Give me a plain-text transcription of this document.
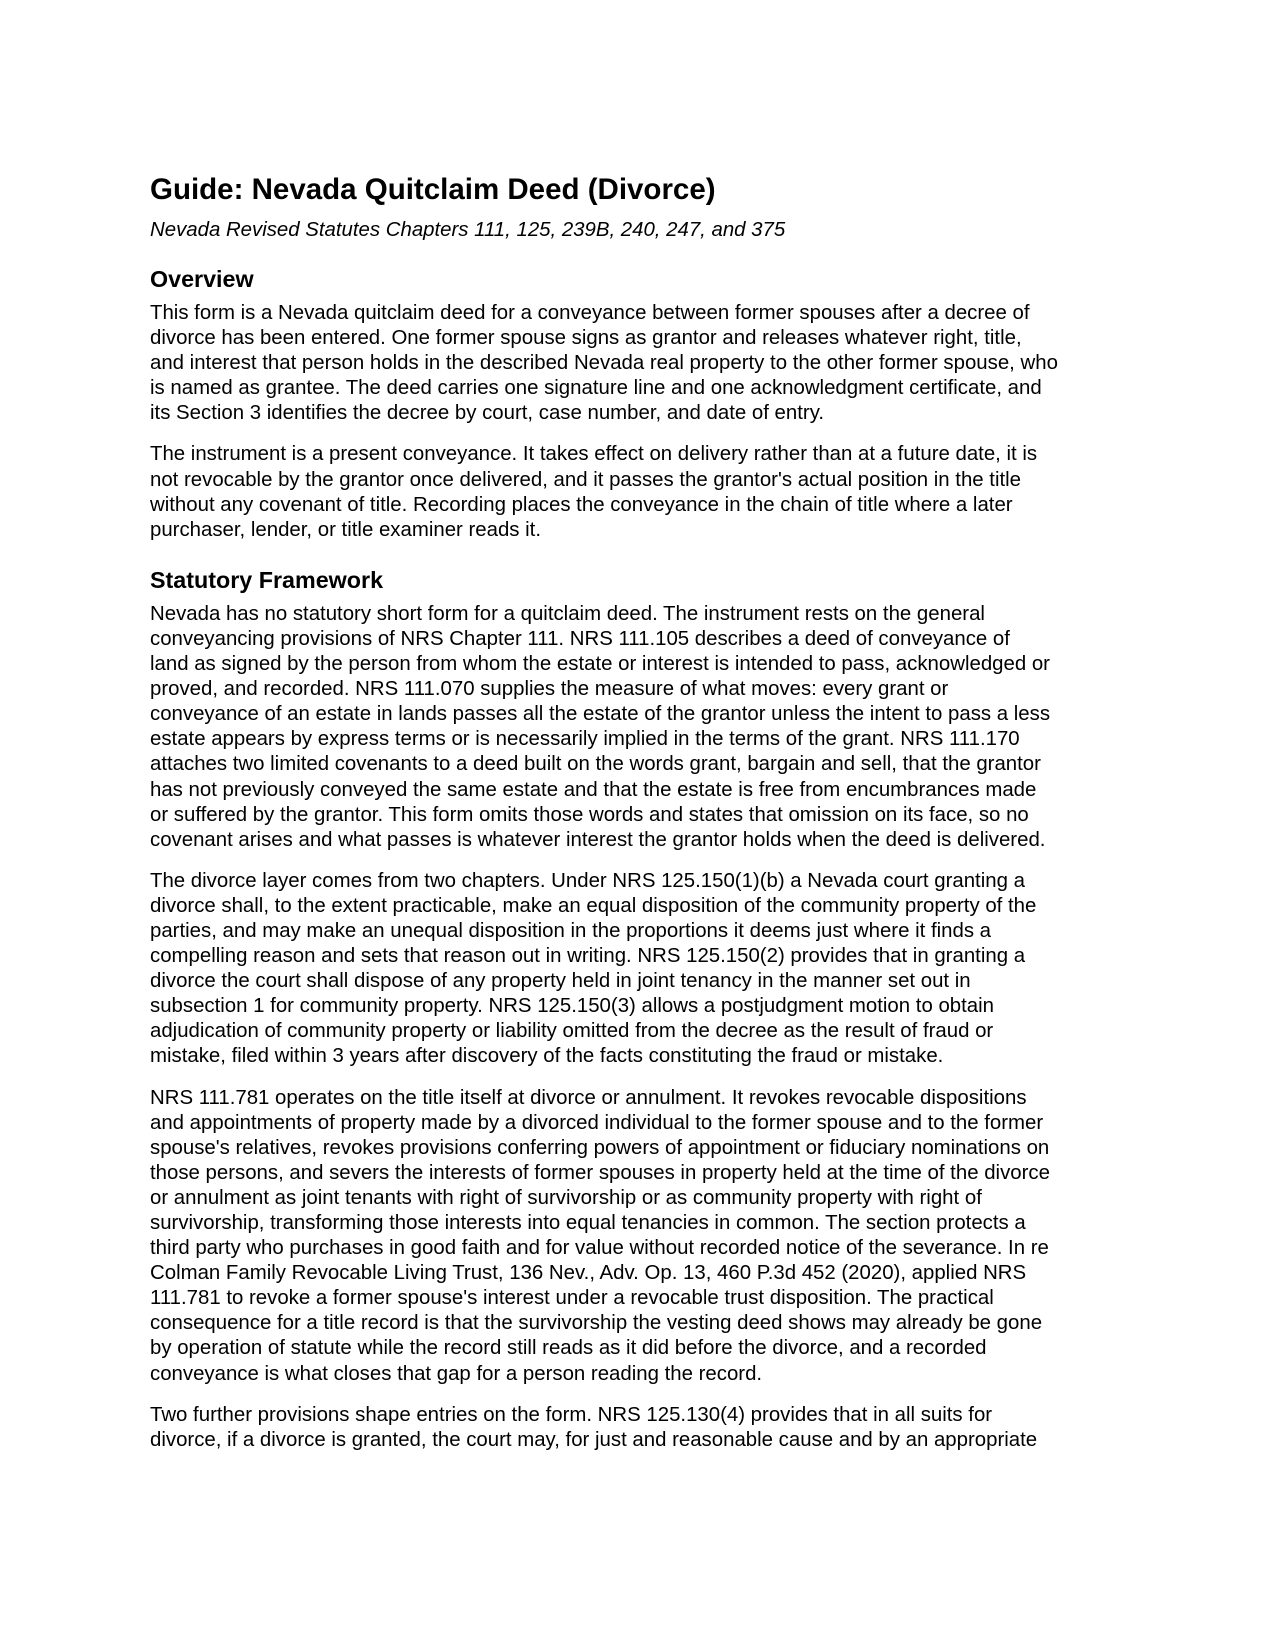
Guide: Nevada Quitclaim Deed (Divorce)
Nevada Revised Statutes Chapters 111, 125, 239B, 240, 247, and 375
Overview

This form is a Nevada quitclaim deed for a conveyance between former spouses after a decree of
divorce has been entered. One former spouse signs as grantor and releases whatever right, title,
and interest that person holds in the described Nevada real property to the other former spouse, who
is named as grantee. The deed carries one signature line and one acknowledgment certificate, and
its Section 3 identifies the decree by court, case number, and date of entry.

The instrument is a present conveyance. It takes effect on delivery rather than at a future date, it is
not revocable by the grantor once delivered, and it passes the grantor's actual position in the title
without any covenant of title. Recording places the conveyance in the chain of title where a later
purchaser, lender, or title examiner reads it.

Statutory Framework

Nevada has no statutory short form for a quitclaim deed. The instrument rests on the general
conveyancing provisions of NRS Chapter 111. NRS 111.105 describes a deed of conveyance of
land as signed by the person from whom the estate or interest is intended to pass, acknowledged or
proved, and recorded. NRS 111.070 supplies the measure of what moves: every grant or
conveyance of an estate in lands passes all the estate of the grantor unless the intent to pass a less
estate appears by express terms or is necessarily implied in the terms of the grant. NRS 111.170
attaches two limited covenants to a deed built on the words grant, bargain and sell, that the grantor
has not previously conveyed the same estate and that the estate is free from encumbrances made
or suffered by the grantor. This form omits those words and states that omission on its face, so no
covenant arises and what passes is whatever interest the grantor holds when the deed is delivered.

The divorce layer comes from two chapters. Under NRS 125.150(1)(b) a Nevada court granting a
divorce shall, to the extent practicable, make an equal disposition of the community property of the
parties, and may make an unequal disposition in the proportions it deems just where it finds a
compelling reason and sets that reason out in writing. NRS 125.150(2) provides that in granting a
divorce the court shall dispose of any property held in joint tenancy in the manner set out in
subsection 1 for community property. NRS 125.150(3) allows a postjudgment motion to obtain
adjudication of community property or liability omitted from the decree as the result of fraud or
mistake, filed within 3 years after discovery of the facts constituting the fraud or mistake.

NRS 111.781 operates on the title itself at divorce or annulment. It revokes revocable dispositions
and appointments of property made by a divorced individual to the former spouse and to the former
spouse's relatives, revokes provisions conferring powers of appointment or fiduciary nominations on
those persons, and severs the interests of former spouses in property held at the time of the divorce
or annulment as joint tenants with right of survivorship or as community property with right of
survivorship, transforming those interests into equal tenancies in common. The section protects a
third party who purchases in good faith and for value without recorded notice of the severance. In re
Colman Family Revocable Living Trust, 136 Nev., Adv. Op. 13, 460 P.3d 452 (2020), applied NRS
111.781 to revoke a former spouse's interest under a revocable trust disposition. The practical
consequence for a title record is that the survivorship the vesting deed shows may already be gone
by operation of statute while the record still reads as it did before the divorce, and a recorded
conveyance is what closes that gap for a person reading the record.

Two further provisions shape entries on the form. NRS 125.130(4) provides that in all suits for
divorce, if a divorce is granted, the court may, for just and reasonable cause and by an appropriate
